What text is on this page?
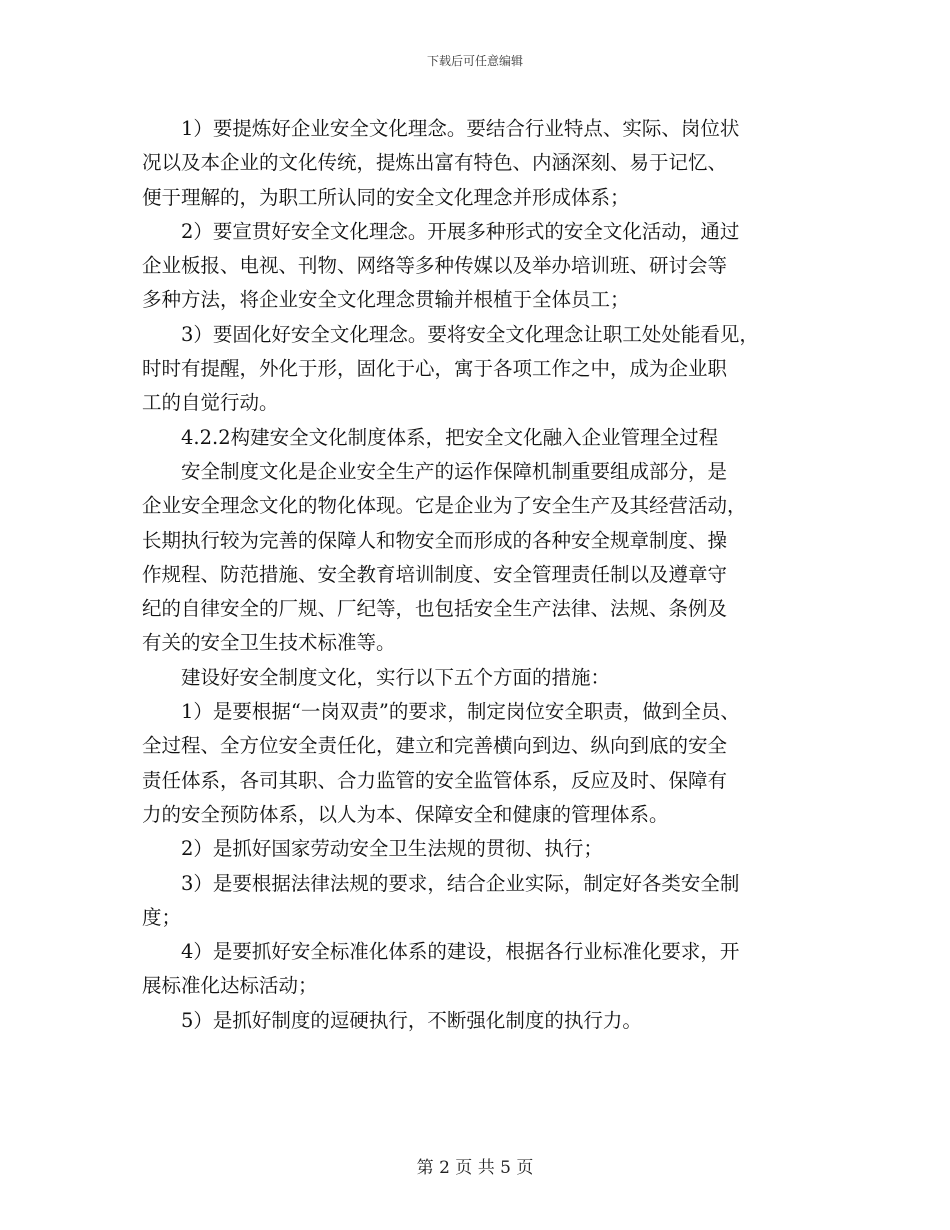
下载后可任意编辑
1）要提炼好企业安全文化理念。要结合行业特点、实际、岗位状
况以及本企业的文化传统，提炼出富有特色、内涵深刻、易于记忆、
便于理解的，为职工所认同的安全文化理念并形成体系；
2）要宣贯好安全文化理念。开展多种形式的安全文化活动，通过
企业板报、电视、刊物、网络等多种传媒以及举办培训班、研讨会等
多种方法，将企业安全文化理念贯输并根植于全体员工；
3）要固化好安全文化理念。要将安全文化理念让职工处处能看见，
时时有提醒，外化于形，固化于心，寓于各项工作之中，成为企业职
工的自觉行动。
4.2.2构建安全文化制度体系，把安全文化融入企业管理全过程
安全制度文化是企业安全生产的运作保障机制重要组成部分，是
企业安全理念文化的物化体现。它是企业为了安全生产及其经营活动，
长期执行较为完善的保障人和物安全而形成的各种安全规章制度、操
作规程、防范措施、安全教育培训制度、安全管理责任制以及遵章守
纪的自律安全的厂规、厂纪等，也包括安全生产法律、法规、条例及
有关的安全卫生技术标准等。
建设好安全制度文化，实行以下五个方面的措施：
1）是要根据“一岗双责”的要求，制定岗位安全职责，做到全员、
全过程、全方位安全责任化，建立和完善横向到边、纵向到底的安全
责任体系，各司其职、合力监管的安全监管体系，反应及时、保障有
力的安全预防体系，以人为本、保障安全和健康的管理体系。
2）是抓好国家劳动安全卫生法规的贯彻、执行；
3）是要根据法律法规的要求，结合企业实际，制定好各类安全制
度；
4）是要抓好安全标准化体系的建设，根据各行业标准化要求，开
展标准化达标活动；
5）是抓好制度的逗硬执行，不断强化制度的执行力。
第 2 页 共 5 页
